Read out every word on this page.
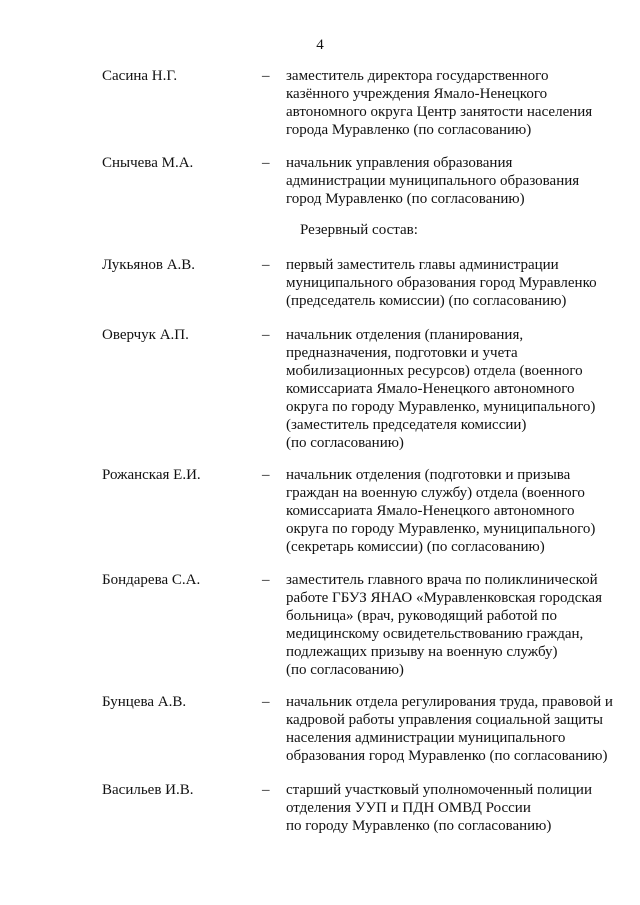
4
Сасина Н.Г.	– заместитель директора государственного
казённого учреждения Ямало-Ненецкого
автономного округа Центр занятости населения
города Муравленко (по согласованию)
Снычева М.А.	– начальник управления образования
администрации муниципального образования
город Муравленко (по согласованию)
Резервный состав:
Лукьянов А.В.	– первый заместитель главы администрации
муниципального образования город Муравленко
(председатель комиссии) (по согласованию)
Оверчук А.П.	– начальник отделения (планирования,
предназначения, подготовки и учета
мобилизационных ресурсов) отдела (военного
комиссариата Ямало-Ненецкого автономного
округа по городу Муравленко, муниципального)
(заместитель председателя комиссии)
(по согласованию)
Рожанская Е.И.	– начальник отделения (подготовки и призыва
граждан на военную службу) отдела (военного
комиссариата Ямало-Ненецкого автономного
округа по городу Муравленко, муниципального)
(секретарь комиссии) (по согласованию)
Бондарева С.А.	– заместитель главного врача по поликлинической
работе ГБУЗ ЯНАО «Муравленковская городская
больница» (врач, руководящий работой по
медицинскому освидетельствованию граждан,
подлежащих призыву на военную службу)
(по согласованию)
Бунцева А.В.	– начальник отдела регулирования труда, правовой и
кадровой работы управления социальной защиты
населения администрации муниципального
образования город Муравленко (по согласованию)
Васильев И.В.	– старший участковый уполномоченный полиции
отделения УУП и ПДН ОМВД России
по городу Муравленко (по согласованию)
